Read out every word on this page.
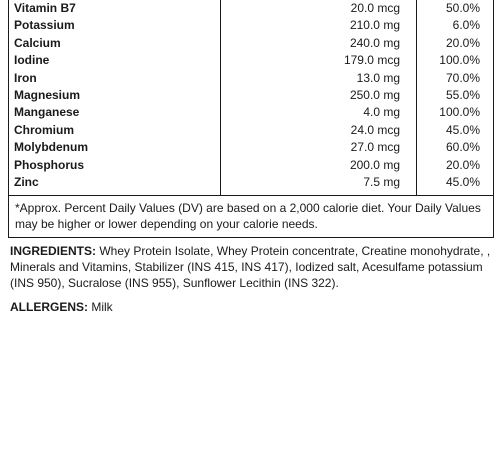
Vitamin B7	20.0 mcg	50.0%
Potassium	210.0 mg	6.0%
Calcium	240.0 mg	20.0%
Iodine	179.0 mcg	100.0%
Iron	13.0 mg	70.0%
Magnesium	250.0 mg	55.0%
Manganese	4.0 mg	100.0%
Chromium	24.0 mcg	45.0%
Molybdenum	27.0 mcg	60.0%
Phosphorus	200.0 mg	20.0%
Zinc	7.5 mg	45.0%
*Approx. Percent Daily Values (DV) are based on a 2,000 calorie diet. Your Daily Values may be higher or lower depending on your calorie needs.
INGREDIENTS: Whey Protein Isolate, Whey Protein concentrate, Creatine monohydrate, , Minerals and Vitamins, Stabilizer (INS 415, INS 417), Iodized salt, Acesulfame potassium (INS 950), Sucralose (INS 955), Sunflower Lecithin (INS 322).
ALLERGENS: Milk
